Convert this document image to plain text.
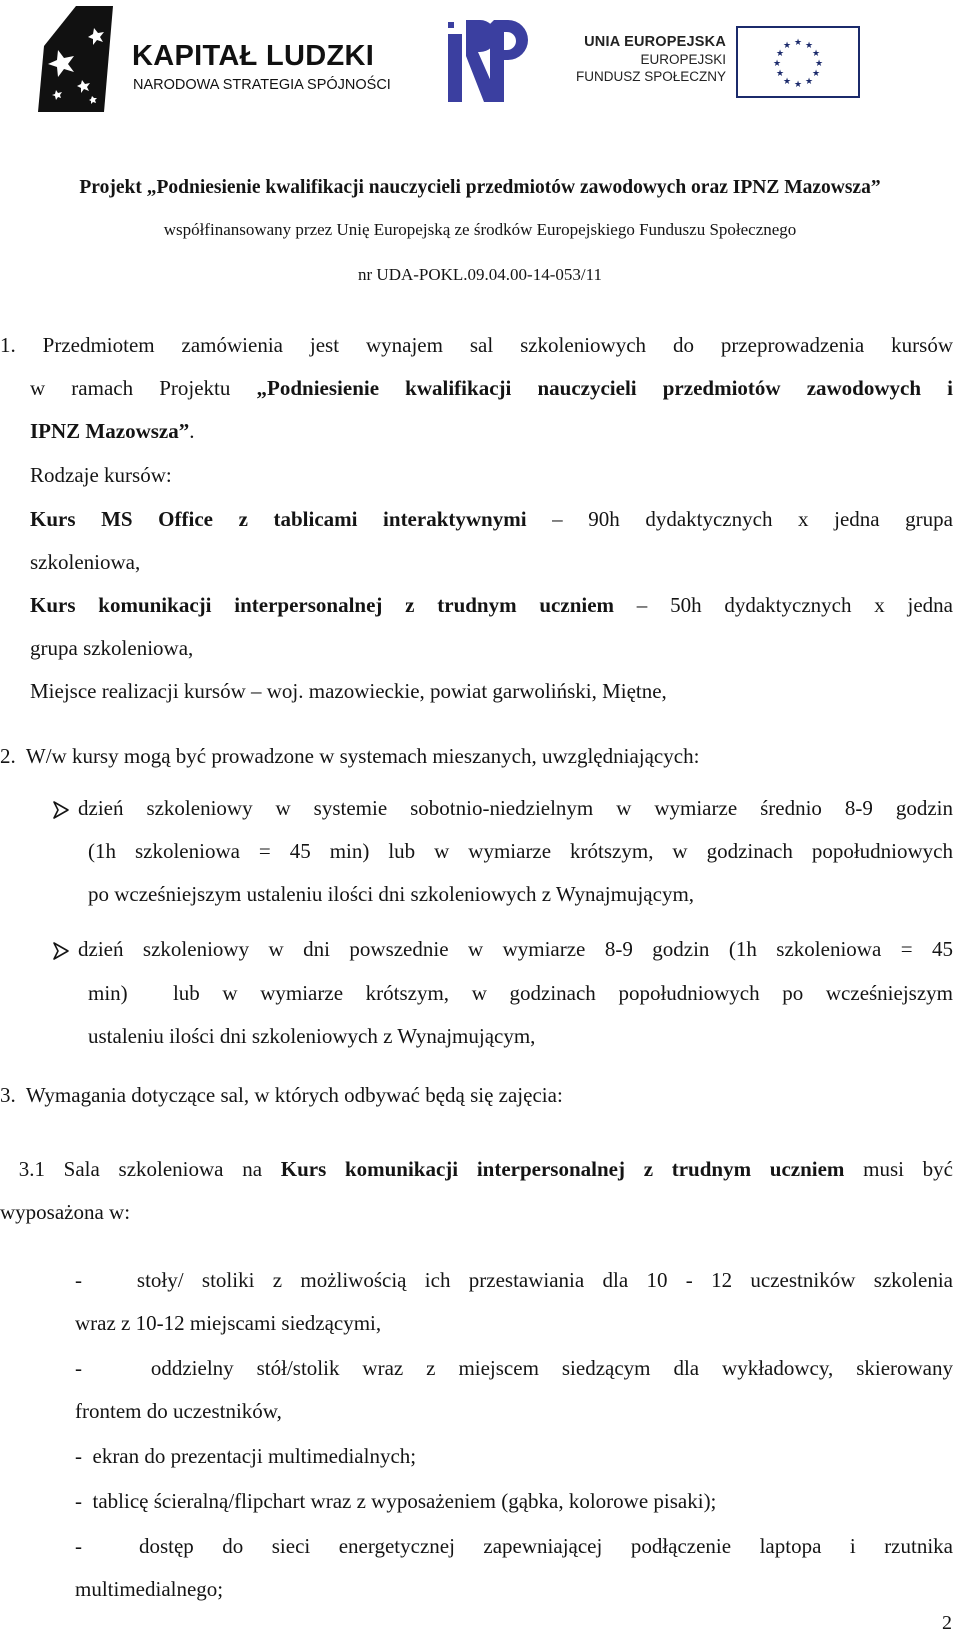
KAPITAŁ LUDZKI
NARODOWA STRATEGIA SPÓJNOŚCI
UNIA EUROPEJSKA
EUROPEJSKI
FUNDUSZ SPOŁECZNY
★ ★
★
★
★
★
★
★
★
★
★
★
Projekt „Podniesienie kwalifikacji nauczycieli przedmiotów zawodowych oraz IPNZ Mazowsza”
współfinansowany przez Unię Europejską ze środków Europejskiego Funduszu Społecznego
nr UDA-POKL.09.04.00-14-053/11
1. Przedmiotem zamówienia jest wynajem sal szkoleniowych do przeprowadzenia kursów
w ramach Projektu „Podniesienie kwalifikacji nauczycieli przedmiotów zawodowych i
IPNZ Mazowsza”.
Rodzaje kursów:
Kurs MS Office z tablicami interaktywnymi – 90h dydaktycznych x jedna grupa
szkoleniowa,
Kurs komunikacji interpersonalnej z trudnym uczniem – 50h dydaktycznych x jedna
grupa szkoleniowa,
Miejsce realizacji kursów – woj. mazowieckie, powiat garwoliński, Miętne,
2.  W/w kursy mogą być prowadzone w systemach mieszanych, uwzględniających:
dzień szkoleniowy w systemie sobotnio-niedzielnym w wymiarze średnio 8-9 godzin
(1h szkoleniowa = 45 min) lub w wymiarze krótszym, w godzinach popołudniowych
po wcześniejszym ustaleniu ilości dni szkoleniowych z Wynajmującym,
dzień szkoleniowy w dni powszednie w wymiarze 8-9 godzin (1h szkoleniowa = 45
min)  lub w wymiarze krótszym, w godzinach popołudniowych po wcześniejszym
ustaleniu ilości dni szkoleniowych z Wynajmującym,
3.  Wymagania dotyczące sal, w których odbywać będą się zajęcia:
3.1 Sala szkoleniowa na Kurs komunikacji interpersonalnej z trudnym uczniem musi być
wyposażona w:
-   stoły/ stoliki z możliwością ich przestawiania dla 10 - 12 uczestników szkolenia
wraz z 10-12 miejscami siedzącymi,
-   oddzielny stół/stolik wraz z miejscem siedzącym dla wykładowcy, skierowany
frontem do uczestników,
-  ekran do prezentacji multimedialnych;
-  tablicę ścieralną/flipchart wraz z wyposażeniem (gąbka, kolorowe pisaki);
-  dostęp do sieci energetycznej zapewniającej podłączenie laptopa i rzutnika
multimedialnego;
2
